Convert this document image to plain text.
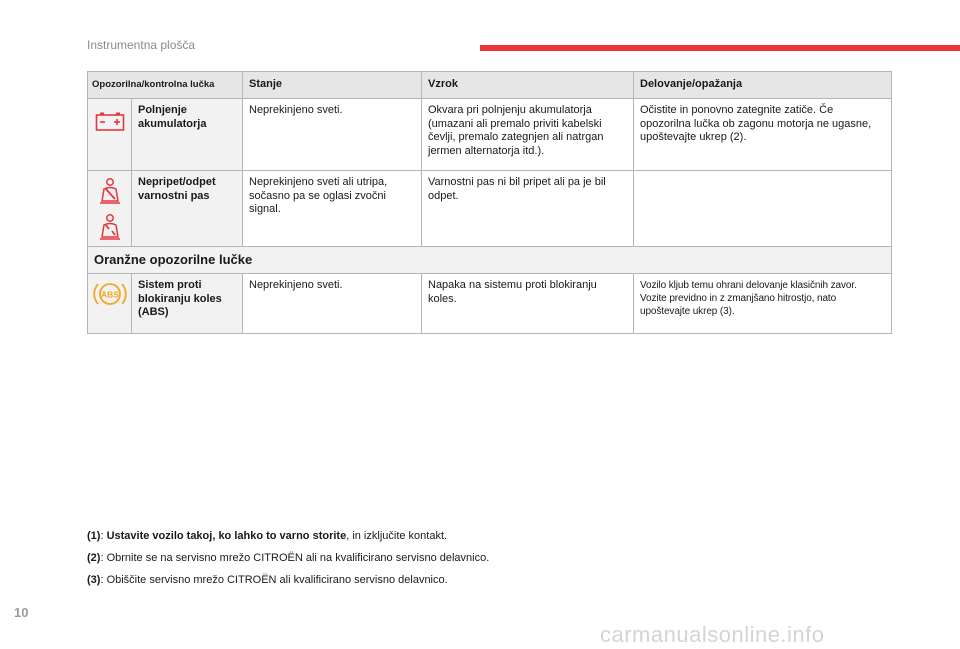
Instrumentna plošča
Opozorilna/kontrolna lučka		Stanje	Vzrok	Delovanje/opažanja

	Polnjenje akumulatorja	Neprekinjeno sveti.	Okvara pri polnjenju akumulatorja (umazani ali premalo priviti kabelski čevlji, premalo zategnjen ali natrgan jermen alternatorja itd.).	Očistite in ponovno zategnite zatiče. Če opozorilna lučka ob zagonu motorja ne ugasne, upoštevajte ukrep (2).

	Nepripet/odpet varnostni pas	Neprekinjeno sveti ali utripa, sočasno pa se oglasi zvočni signal.	Varnostni pas ni bil pripet ali pa je bil odpet.	
Oranžne opozorilne lučke				

ABS	Sistem proti blokiranju koles (ABS)	Neprekinjeno sveti.	Napaka na sistemu proti blokiranju koles.	Vozilo kljub temu ohrani delovanje klasičnih zavor. Vozite previdno in z zmanjšano hitrostjo, nato upoštevajte ukrep (3).
(1): Ustavite vozilo takoj, ko lahko to varno storite, in izključite kontakt.
(2): Obrnite se na servisno mrežo CITROËN ali na kvalificirano servisno delavnico.
(3): Obiščite servisno mrežo CITROËN ali kvalificirano servisno delavnico.
10
carmanualsonline.info
